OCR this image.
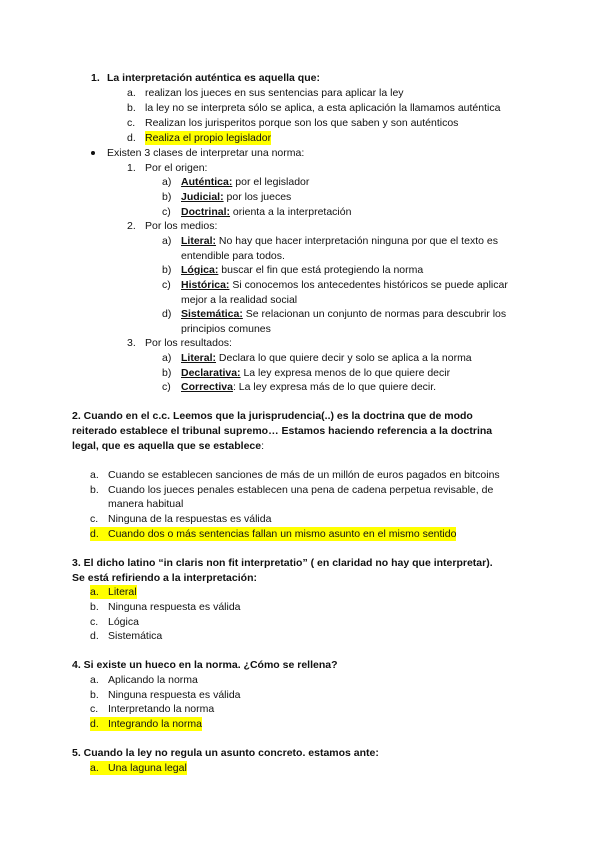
1. La interpretación auténtica es aquella que:
a. realizan los jueces en sus sentencias para aplicar la ley
b. la ley no se interpreta sólo se aplica, a esta aplicación la llamamos auténtica
c. Realizan los jurisperitos porque son los que saben y son auténticos
d. Realiza el propio legislador
Existen 3 clases de interpretar una norma:
1. Por el origen:
a) Auténtica: por el legislador
b) Judicial: por los jueces
c) Doctrinal: orienta a la interpretación
2. Por los medios:
a) Literal: No hay que hacer interpretación ninguna por que el texto es
entendible para todos.
b) Lógica: buscar el fin que está protegiendo la norma
c) Histórica: Si conocemos los antecedentes históricos se puede aplicar
mejor a la realidad social
d) Sistemática: Se relacionan un conjunto de normas para descubrir los
principios comunes
3. Por los resultados:
a) Literal: Declara lo que quiere decir y solo se aplica a la norma
b) Declarativa: La ley expresa menos de lo que quiere decir
c) Correctiva: La ley expresa más de lo que quiere decir.
2. Cuando en el c.c. Leemos que la jurisprudencia(..) es la doctrina que de modo
reiterado establece el tribunal supremo… Estamos haciendo referencia a la doctrina
legal, que es aquella que se establece:
a. Cuando se establecen sanciones de más de un millón de euros pagados en bitcoins
b. Cuando los jueces penales establecen una pena de cadena perpetua revisable, de
manera habitual
c. Ninguna de la respuestas es válida
d. Cuando dos o más sentencias fallan un mismo asunto en el mismo sentido
3. El dicho latino “in claris non fit interpretatio” ( en claridad no hay que interpretar).
Se está refiriendo a la interpretación:
a. Literal
b. Ninguna respuesta es válida
c. Lógica
d. Sistemática
4. Si existe un hueco en la norma. ¿Cómo se rellena?
a. Aplicando la norma
b. Ninguna respuesta es válida
c. Interpretando la norma
d. Integrando la norma
5. Cuando la ley no regula un asunto concreto. estamos ante:
a. Una laguna legal
